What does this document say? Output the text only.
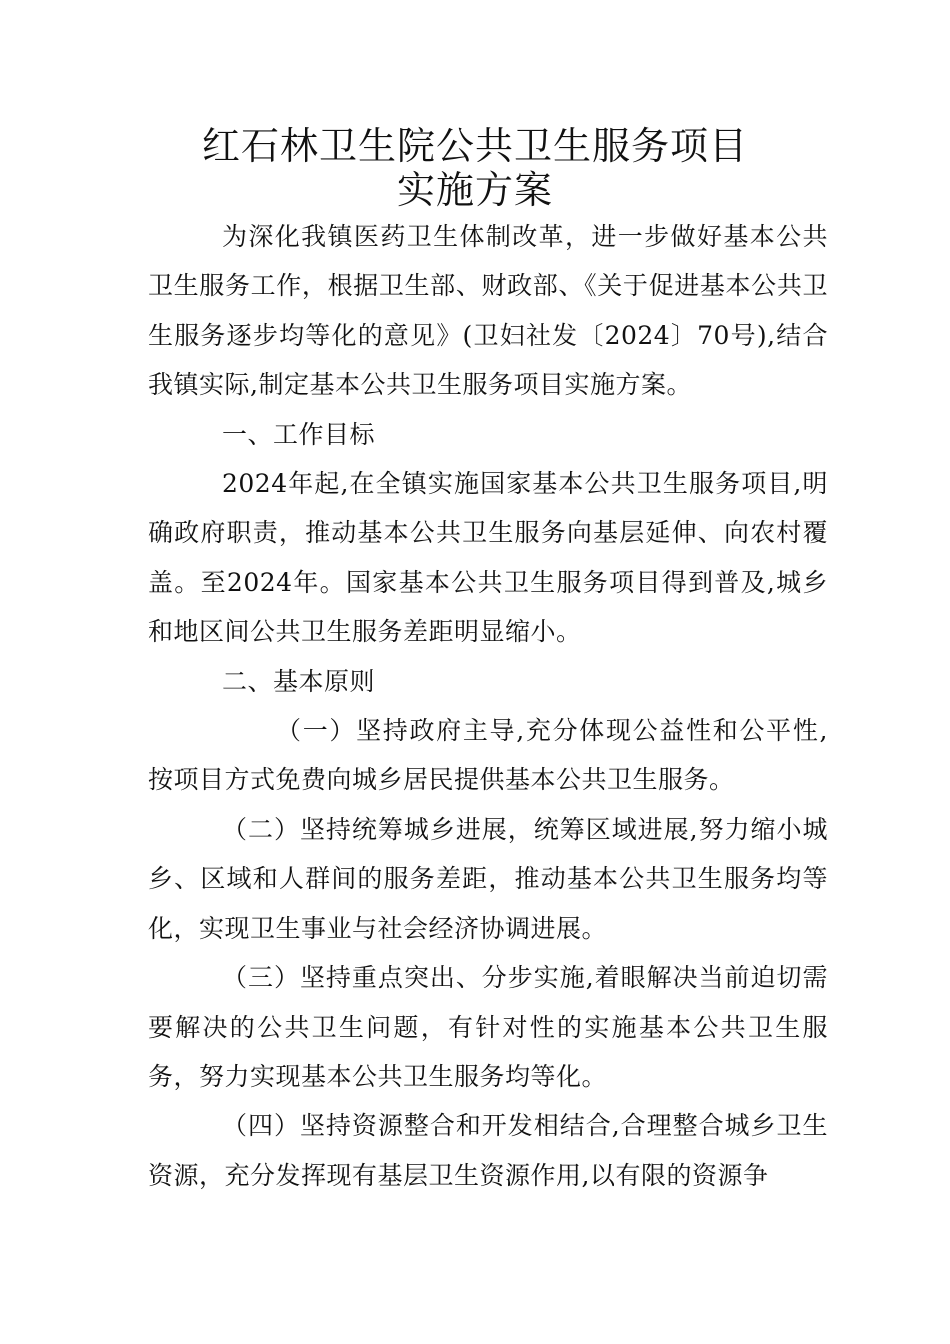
红石林卫生院公共卫生服务项目
实施方案

为深化我镇医药卫生体制改革，进一步做好基本公共卫生服务工作，根据卫生部、财政部、《关于促进基本公共卫生服务逐步均等化的意见》(卫妇社发〔2024〕70号),结合我镇实际,制定基本公共卫生服务项目实施方案。

一、工作目标

2024年起,在全镇实施国家基本公共卫生服务项目,明确政府职责，推动基本公共卫生服务向基层延伸、向农村覆盖。至2024年。国家基本公共卫生服务项目得到普及,城乡和地区间公共卫生服务差距明显缩小。

二、基本原则

（一）坚持政府主导,充分体现公益性和公平性,按项目方式免费向城乡居民提供基本公共卫生服务。

（二）坚持统筹城乡进展，统筹区域进展,努力缩小城乡、区域和人群间的服务差距，推动基本公共卫生服务均等化，实现卫生事业与社会经济协调进展。

（三）坚持重点突出、分步实施,着眼解决当前迫切需要解决的公共卫生问题，有针对性的实施基本公共卫生服务，努力实现基本公共卫生服务均等化。

（四）坚持资源整合和开发相结合,合理整合城乡卫生资源，充分发挥现有基层卫生资源作用,以有限的资源争
